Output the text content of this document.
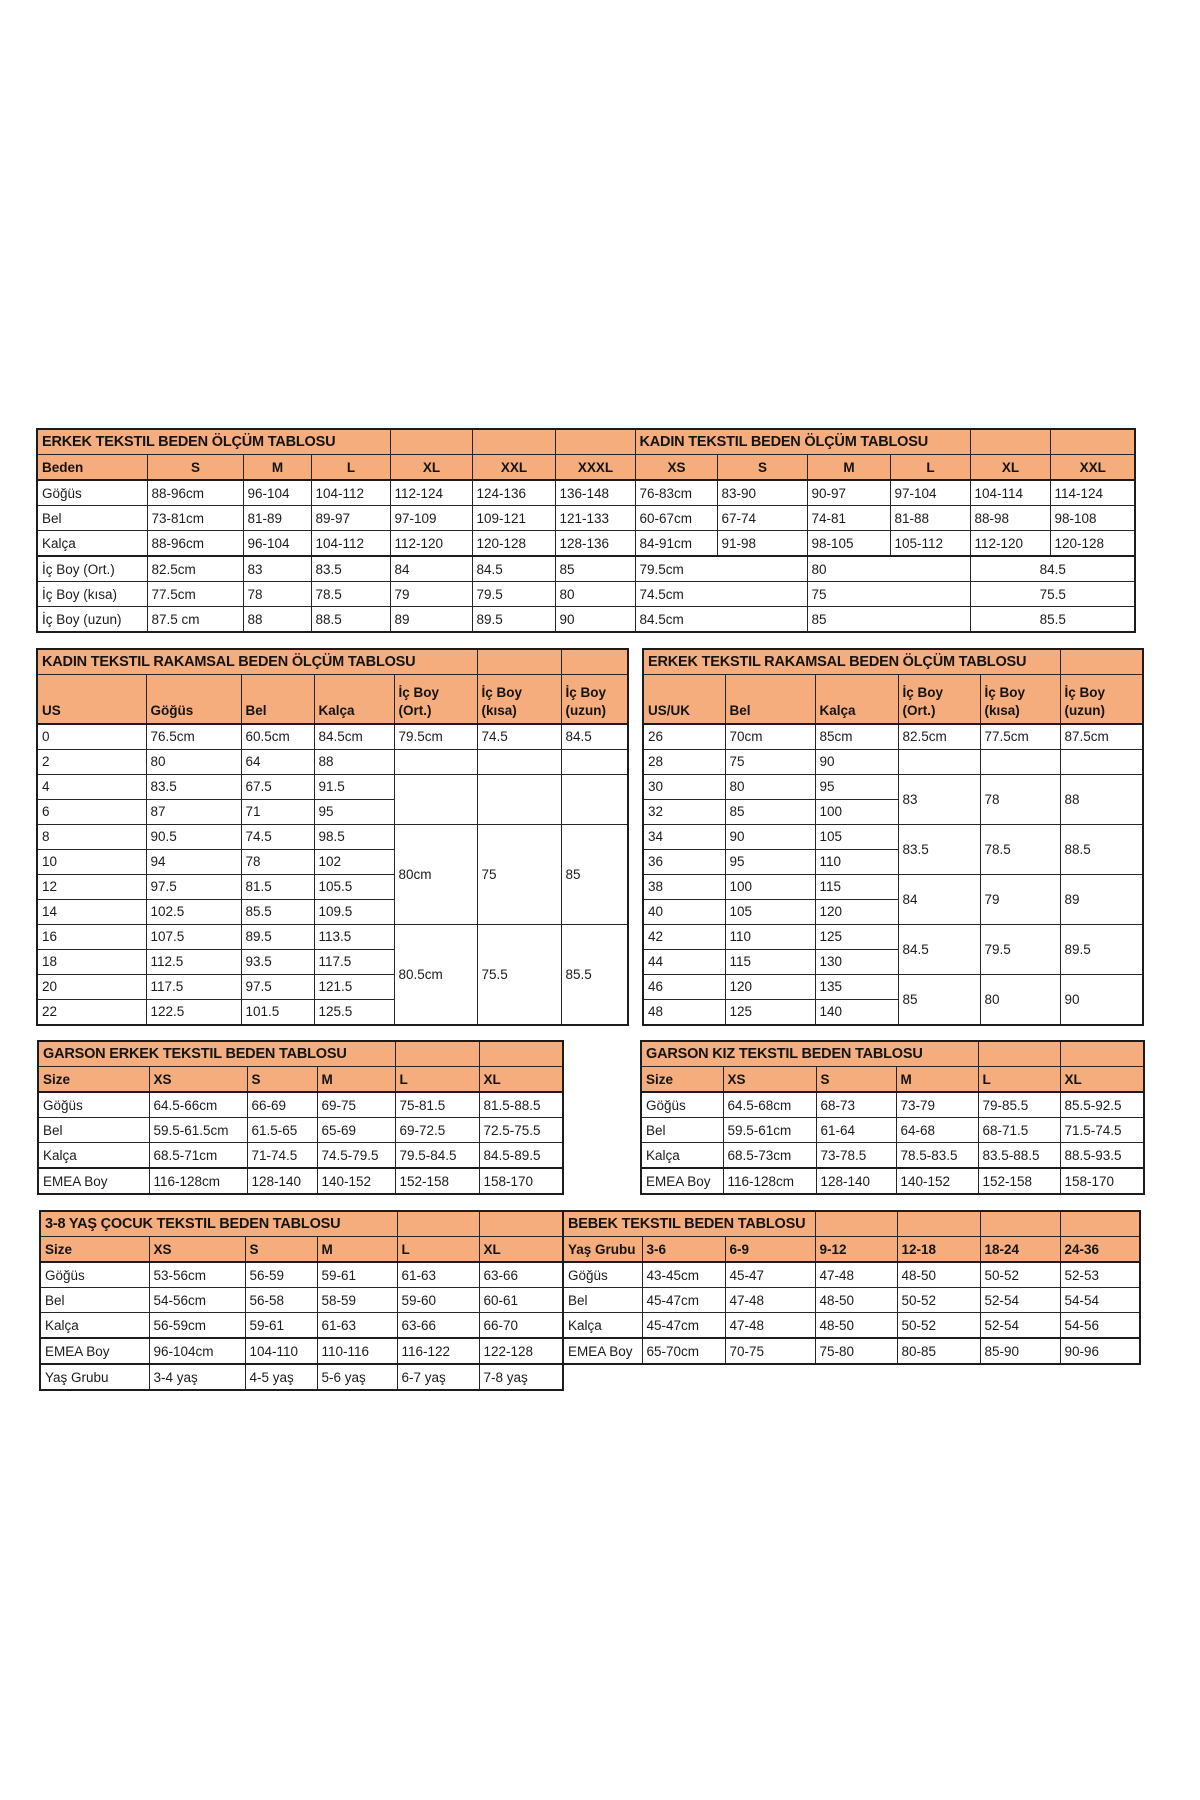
ERKEK TEKSTIL BEDEN ÖLÇÜM TABLOSU							KADIN TEKSTIL BEDEN ÖLÇÜM TABLOSU					
Beden	S	M	L	XL	XXL	XXXL	XS	S	M	L	XL	XXL
Göğüs	88-96cm	96-104	104-112	112-124	124-136	136-148	76-83cm	83-90	90-97	97-104	104-114	114-124
Bel	73-81cm	81-89	89-97	97-109	109-121	121-133	60-67cm	67-74	74-81	81-88	88-98	98-108
Kalça	88-96cm	96-104	104-112	112-120	120-128	128-136	84-91cm	91-98	98-105	105-112	112-120	120-128
İç Boy (Ort.)	82.5cm	83	83.5	84	84.5	85	79.5cm		80		84.5	
İç Boy (kısa)	77.5cm	78	78.5	79	79.5	80	74.5cm		75		75.5	
İç Boy (uzun)	87.5 cm	88	88.5	89	89.5	90	84.5cm		85		85.5	
KADIN TEKSTIL RAKAMSAL BEDEN ÖLÇÜM TABLOSU						
US	Göğüs	Bel	Kalça	İç Boy (Ort.)	İç Boy (kısa)	İç Boy (uzun)
0	76.5cm	60.5cm	84.5cm	79.5cm	74.5	84.5
2	80	64	88			
4	83.5	67.5	91.5			
6	87	71	95			
8	90.5	74.5	98.5	80cm	75	85
10	94	78	102			
12	97.5	81.5	105.5			
14	102.5	85.5	109.5			
16	107.5	89.5	113.5	80.5cm	75.5	85.5
18	112.5	93.5	117.5			
20	117.5	97.5	121.5			
22	122.5	101.5	125.5			
ERKEK TEKSTIL RAKAMSAL BEDEN ÖLÇÜM TABLOSU					
US/UK	Bel	Kalça	İç Boy (Ort.)	İç Boy (kısa)	İç Boy (uzun)
26	70cm	85cm	82.5cm	77.5cm	87.5cm
28	75	90			
30	80	95	83	78	88
32	85	100			
34	90	105	83.5	78.5	88.5
36	95	110			
38	100	115	84	79	89
40	105	120			
42	110	125	84.5	79.5	89.5
44	115	130			
46	120	135	85	80	90
48	125	140			
GARSON ERKEK TEKSTIL BEDEN TABLOSU					
Size	XS	S	M	L	XL
Göğüs	64.5-66cm	66-69	69-75	75-81.5	81.5-88.5
Bel	59.5-61.5cm	61.5-65	65-69	69-72.5	72.5-75.5
Kalça	68.5-71cm	71-74.5	74.5-79.5	79.5-84.5	84.5-89.5
EMEA Boy	116-128cm	128-140	140-152	152-158	158-170
GARSON KIZ TEKSTIL BEDEN TABLOSU					
Size	XS	S	M	L	XL
Göğüs	64.5-68cm	68-73	73-79	79-85.5	85.5-92.5
Bel	59.5-61cm	61-64	64-68	68-71.5	71.5-74.5
Kalça	68.5-73cm	73-78.5	78.5-83.5	83.5-88.5	88.5-93.5
EMEA Boy	116-128cm	128-140	140-152	152-158	158-170
3-8 YAŞ ÇOCUK TEKSTIL BEDEN TABLOSU					
Size	XS	S	M	L	XL
Göğüs	53-56cm	56-59	59-61	61-63	63-66
Bel	54-56cm	56-58	58-59	59-60	60-61
Kalça	56-59cm	59-61	61-63	63-66	66-70
EMEA Boy	96-104cm	104-110	110-116	116-122	122-128
Yaş Grubu	3-4 yaş	4-5 yaş	5-6 yaş	6-7 yaş	7-8 yaş
BEBEK TEKSTIL BEDEN TABLOSU						
Yaş Grubu	3-6	6-9	9-12	12-18	18-24	24-36
Göğüs	43-45cm	45-47	47-48	48-50	50-52	52-53
Bel	45-47cm	47-48	48-50	50-52	52-54	54-54
Kalça	45-47cm	47-48	48-50	50-52	52-54	54-56
EMEA Boy	65-70cm	70-75	75-80	80-85	85-90	90-96
